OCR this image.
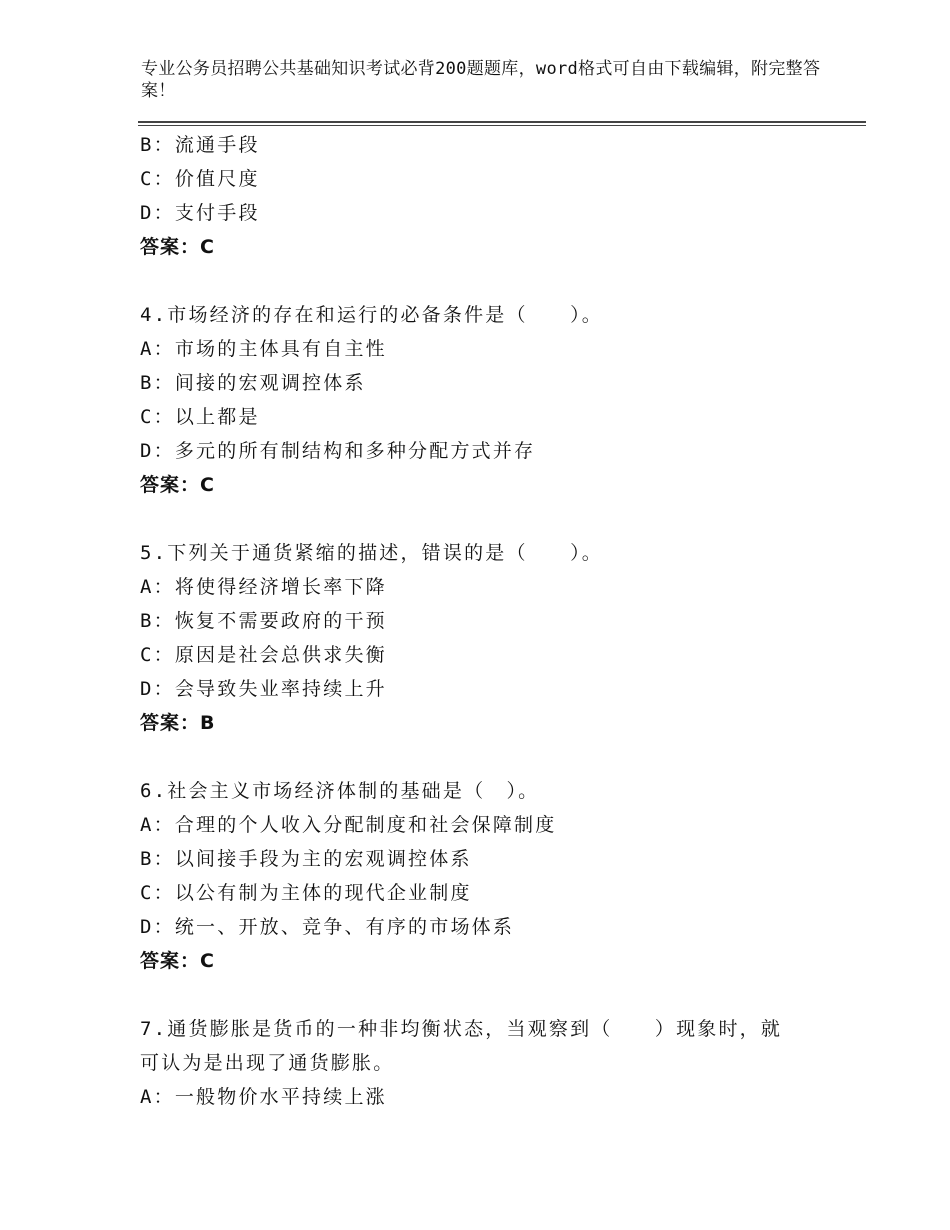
专业公务员招聘公共基础知识考试必背200题题库，word格式可自由下载编辑，附完整答案！
B：流通手段
C：价值尺度
D：支付手段
答案：C
4.市场经济的存在和运行的必备条件是（　　）。
A：市场的主体具有自主性
B：间接的宏观调控体系
C：以上都是
D：多元的所有制结构和多种分配方式并存
答案：C
5.下列关于通货紧缩的描述，错误的是（　　）。
A：将使得经济增长率下降
B：恢复不需要政府的干预
C：原因是社会总供求失衡
D：会导致失业率持续上升
答案：B
6.社会主义市场经济体制的基础是（　）。
A：合理的个人收入分配制度和社会保障制度
B：以间接手段为主的宏观调控体系
C：以公有制为主体的现代企业制度
D：统一、开放、竞争、有序的市场体系
答案：C
7.通货膨胀是货币的一种非均衡状态，当观察到（　　）现象时，就可认为是出现了通货膨胀。
A：一般物价水平持续上涨
